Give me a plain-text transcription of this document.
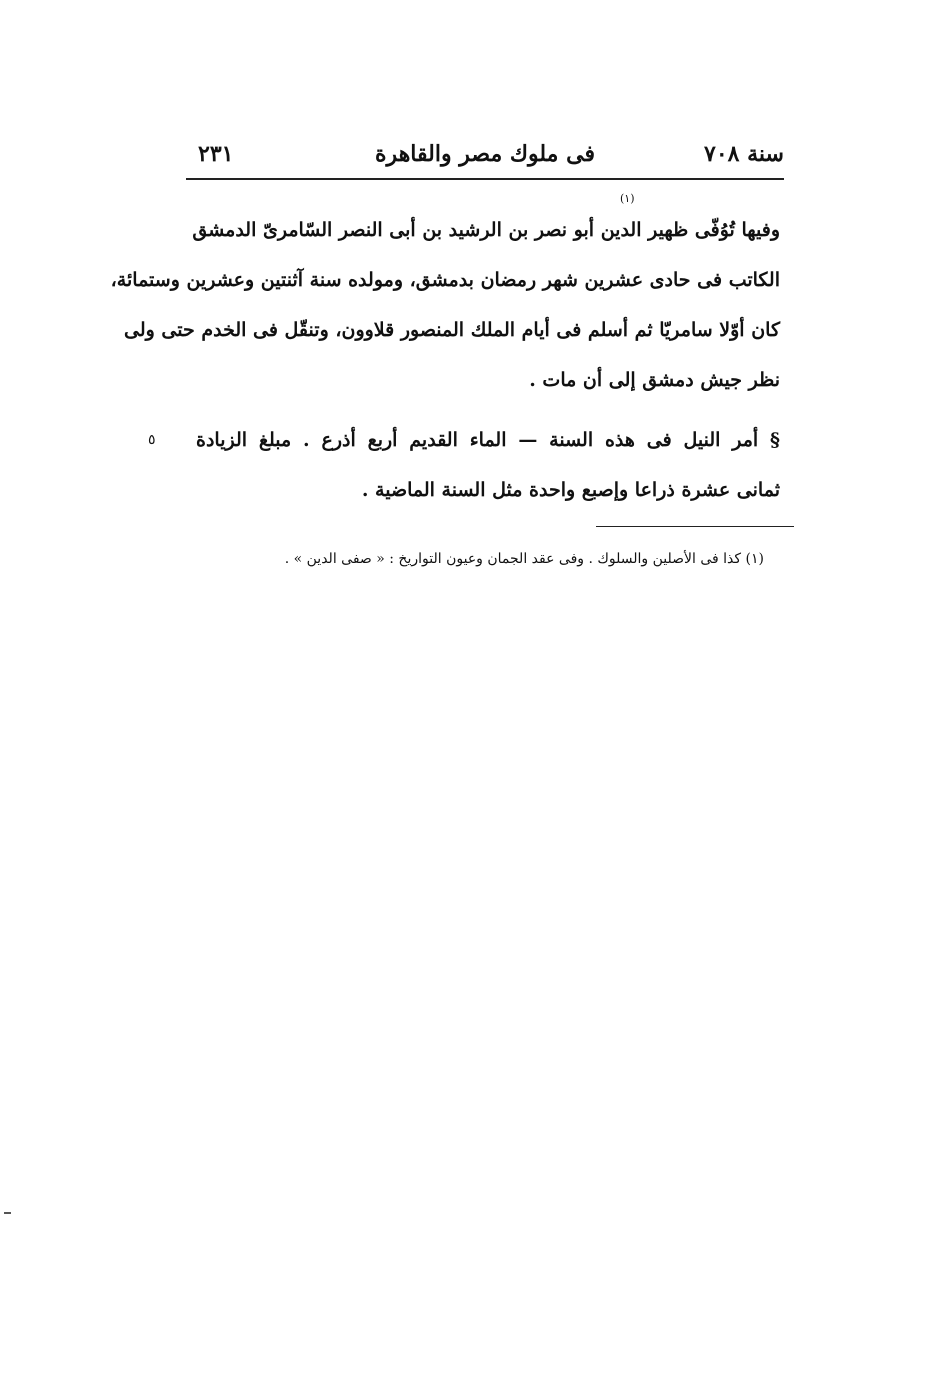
سنة ٧٠٨
فى ملوك مصر والقاهرة
٢٣١
وفيها تُوُفّى ظهير الدين أبو نصر بن الرشيد بن أبى النصر السّامرىّ الدمشق
الكاتب فى حادى عشرين شهر رمضان بدمشق، ومولده سنة آثنتين وعشرين وستمائة،
كان أوّلا سامريّا ثم أسلم فى أيام الملك المنصور قلاوون، وتنقّل فى الخدم حتى ولى
نظر جيش دمشق إلى أن مات .
(١)
§ أمر النيل فى هذه السنة — الماء القديم أربع أذرع . مبلغ الزيادة
ثمانى عشرة ذراعا وإصبع واحدة مثل السنة الماضية .
٥
(١) كذا فى الأصلين والسلوك . وفى عقد الجمان وعيون التواريخ : « صفى الدين » .
